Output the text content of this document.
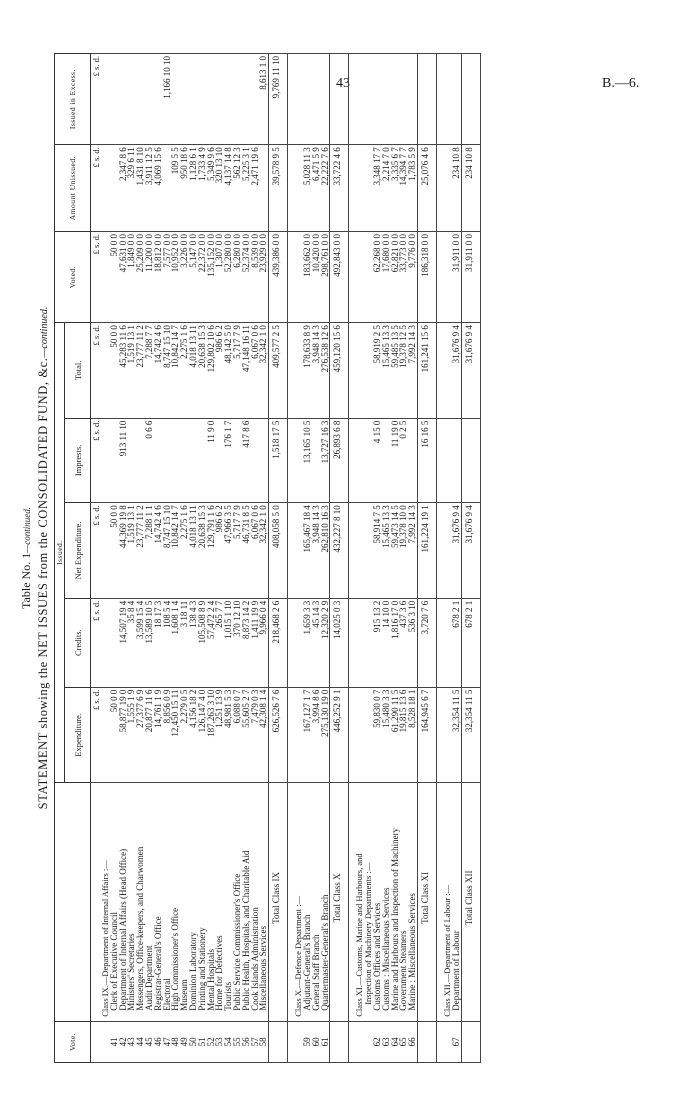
43	B.—6.
Table No. 1—continued. STATEMENT showing the NET ISSUES from the CONSOLIDATED FUND, &c.—continued.
Vote.		Issued.					Voted.	Amount Unissued.	Issued in Excess.
		Expenditure.	Credits.	Net Expenditure.	Imprests.	Total.			
		£ s. d.	£ s. d.	£ s. d.	£ s. d.	£ s. d.	£ s. d.	£ s. d.	£ s. d.
	Class IX.—Department of Internal Affairs :—								
41	Clerk of Executive Council	50 0 0		50 0 0		50 0 0	50 0 0		
42	Department of Internal Affairs (Head Office)	58,877 19 0	14,507 19 4	44,369 19 8	913 11 10	45,283 11 6	47,631 0 0	2,347 8 6	
43	Ministers' Secretaries	1,555 1 9	35 8 4	1,519 13 1		1,519 13 1	1,849 0 0	329 6 11	
44	Messengers, Office-keepers, and Charwomen	27,377 6 9	3,599 15 4	23,777 11 2		23,777 11 2	25,209 0 0	1,431 8 10	
45	Audit Department	20,877 11 6	13,589 10 5	7,288 1 1	0 6 6	7,288 7 7	11,200 0 0	3,911 12 5	
46	Registrar-General's Office	14,761 1 9	18 17 3	14,742 4 6		14,742 4 6	18,812 0 0	4,069 15 6	
47	Electoral	8,856 0 9	108 5 4	8,747 15 10		8,747 15 10	7,577 0 0		1,166 10 10
48	High Commissioner's Office	12,450 15 11	1,608 1 4	10,842 14 7		10,842 14 7	10,952 0 0	109 5 5	
49	Museum	2,279 0 5	3 18 11	2,275 1 6		2,275 1 6	3,226 0 0	950 18 6	
50	Dominion Laboratory	4,156 18 2	138 4 3	4,018 13 11		4,018 13 11	5,147 0 0	1,128 6 1	
51	Printing and Stationery	126,147 4 0	105,508 8 9	20,638 15 3		20,638 15 3	22,372 0 0	1,733 4 9	
52	Mental Hospitals	187,263 3 10	57,472 2 4	129,791 1 6	11 9 0	129,802 10 6	135,152 0 0	5,349 9 6	
53	Home for Defectives	1,251 13 9	265 7 7	986 6 2		986 6 2	1,307 0 0	320 13 10	
54	Tourists	48,981 5 3	1,015 1 10	47,966 3 5	176 1 7	48,142 5 0	52,280 0 0	4,137 14 8	
55	Public Service Commissioner's Office	6,088 0 7	370 12 10	5,717 7 9		5,717 7 9	6,280 0 0	562 12 3	
56	Public Health, Hospitals, and Charitable Aid	55,605 2 7	8,873 14 2	46,731 8 5	417 8 6	47,148 16 11	52,374 0 0	5,225 3 1	
57	Cook Islands Administration	7,479 0 3	1,411 19 9	6,067 0 6		6,067 0 6	8,539 0 0	2,471 19 6	
58	Miscellaneous Services	42,308 1 4	9,966 0 4	32,342 1 0		32,342 1 0	23,929 0 0		8,613 1 0
	Total Class IX	626,526 7 6	218,468 2 6	408,058 5 0	1,518 17 5	409,577 2 5	439,386 0 0	39,578 9 5	9,769 11 10

	Class X.—Defence Department :—								
59	Adjutant-General's Branch	167,127 1 7	1,659 3 3	165,467 18 4	13,165 10 5	178,633 8 9	183,662 0 0	5,028 11 3	
60	General Staff Branch	3,994 8 6	45 14 3	3,948 14 3		3,948 14 3	10,420 0 0	6,471 5 9	
61	Quartermaster-General's Branch	275,130 19 0	12,320 2 9	262,810 16 3	13,727 16 3	276,538 12 6	298,761 0 0	22,222 7 6	
	Total Class X	446,252 9 1	14,025 0 3	432,227 8 10	26,893 6 8	459,120 15 6	492,843 0 0	33,722 4 6	

	Class XI.—Customs, Marine and Harbours, and								
	Inspection of Machinery Departments :—								
62	Customs Offices and Services	59,830 0 7	915 13 2	58,914 7 5	4 15 0	58,919 2 5	62,268 0 0	3,348 17 7	
63	Customs : Miscellaneous Services	15,480 3 3	14 10 0	15,465 13 3		15,465 13 3	17,680 0 0	2,214 7 0	
64	Marine and Harbours and Inspection of Machinery	61,290 11 5	1,816 17 0	59,473 14 5	11 19 0	59,485 13 5	62,821 0 0	3,335 6 7	
65	Government Steamers	19,815 13 6	437 3 6	19,378 10 0	0 2 5	19,378 12 5	33,773 0 0	14,394 7 7	
66	Marine : Miscellaneous Services	8,528 18 1	536 3 10	7,992 14 3		7,992 14 3	9,776 0 0	1,783 5 9	
	Total Class XI	164,945 6 7	3,720 7 6	161,224 19 1	16 16 5	161,241 15 6	186,318 0 0	25,076 4 6	

	Class XII.—Department of Labour :—								
67	Department of Labour	32,354 11 5	678 2 1	31,676 9 4		31,676 9 4	31,911 0 0	234 10 8	
	Total Class XII	32,354 11 5	678 2 1	31,676 9 4		31,676 9 4	31,911 0 0	234 10 8	
